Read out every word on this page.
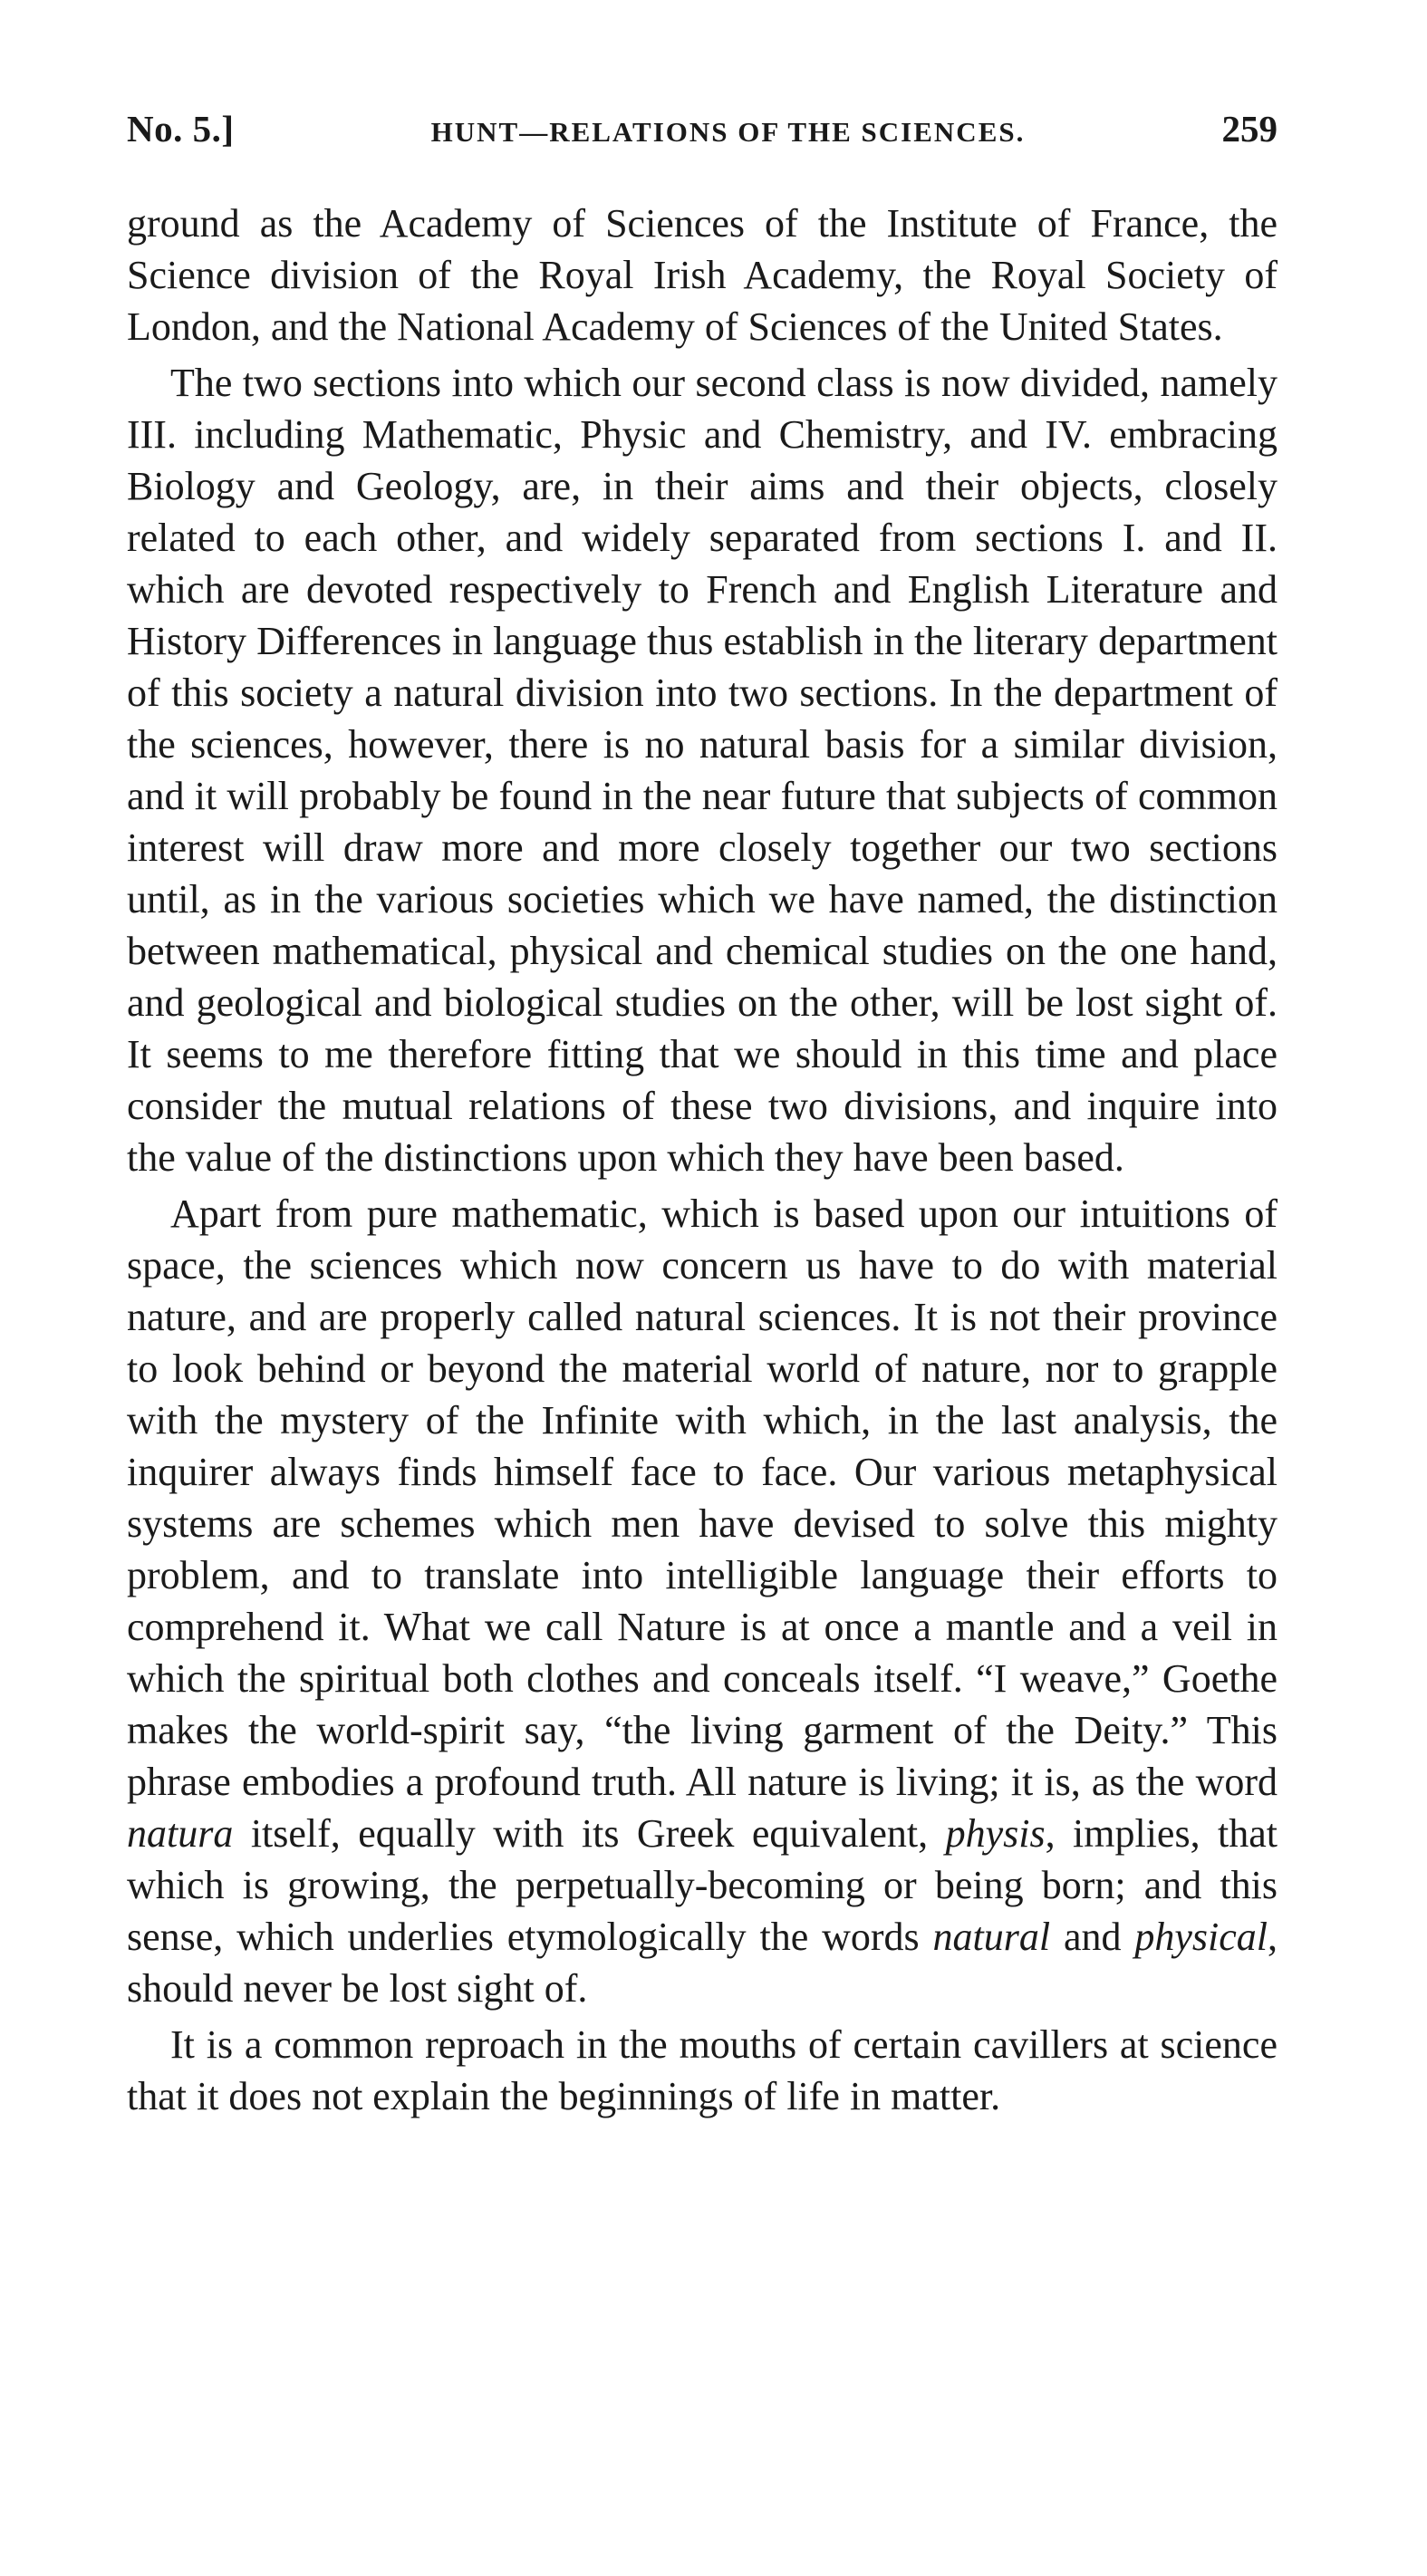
No. 5.]	HUNT—RELATIONS OF THE SCIENCES.	259

ground as the Academy of Sciences of the Institute of France, the Science division of the Royal Irish Academy, the Royal Society of London, and the National Academy of Sciences of the United States.

The two sections into which our second class is now divided, namely III. including Mathematic, Physic and Chemistry, and IV. embracing Biology and Geology, are, in their aims and their objects, closely related to each other, and widely separated from sections I. and II. which are devoted respectively to French and English Literature and History Differences in language thus establish in the literary department of this society a natural division into two sections. In the department of the sciences, however, there is no natural basis for a similar division, and it will probably be found in the near future that subjects of common interest will draw more and more closely together our two sections until, as in the various societies which we have named, the distinction between mathematical, physical and chemical studies on the one hand, and geological and biological studies on the other, will be lost sight of. It seems to me therefore fitting that we should in this time and place consider the mutual relations of these two divisions, and inquire into the value of the distinctions upon which they have been based.

Apart from pure mathematic, which is based upon our intuitions of space, the sciences which now concern us have to do with material nature, and are properly called natural sciences. It is not their province to look behind or beyond the material world of nature, nor to grapple with the mystery of the Infinite with which, in the last analysis, the inquirer always finds himself face to face. Our various metaphysical systems are schemes which men have devised to solve this mighty problem, and to translate into intelligible language their efforts to comprehend it. What we call Nature is at once a mantle and a veil in which the spiritual both clothes and conceals itself. “I weave,” Goethe makes the world-spirit say, “the living garment of the Deity.” This phrase embodies a profound truth. All nature is living; it is, as the word natura itself, equally with its Greek equivalent, physis, implies, that which is growing, the perpetually-becoming or being born; and this sense, which underlies etymologically the words natural and physical, should never be lost sight of.

It is a common reproach in the mouths of certain cavillers at science that it does not explain the beginnings of life in matter.
